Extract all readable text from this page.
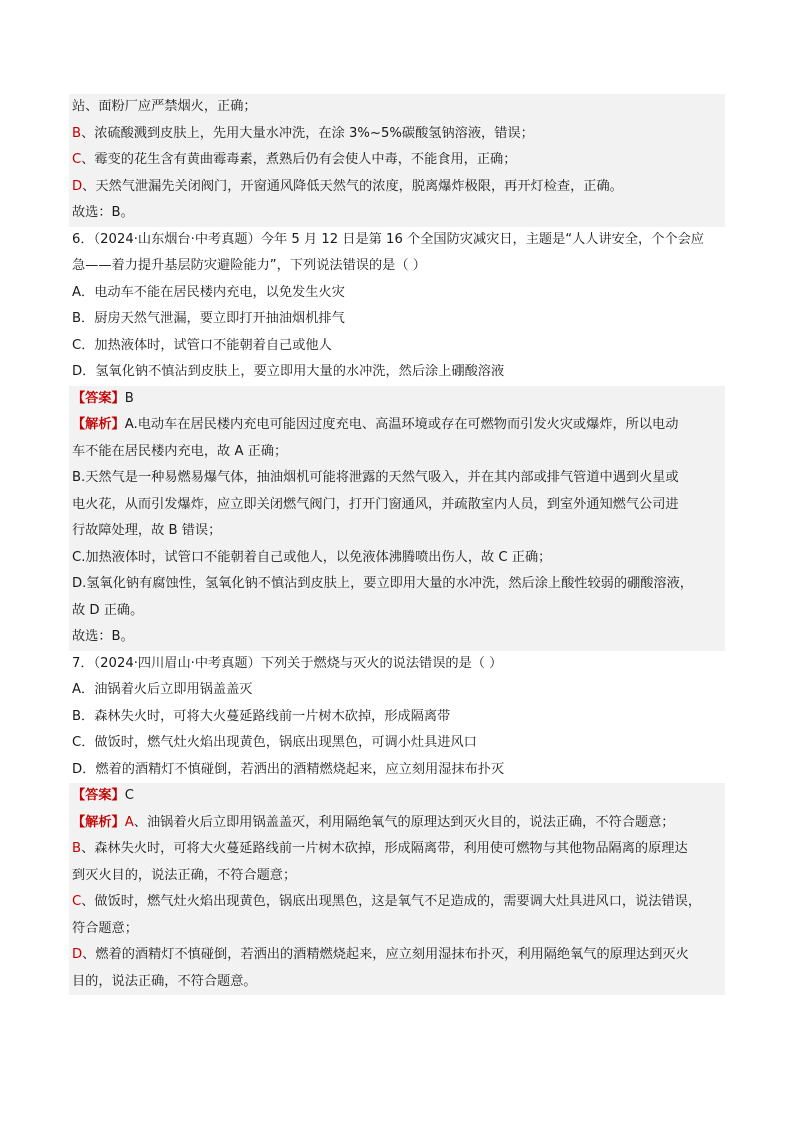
站、面粉厂应严禁烟火，正确；
B、浓硫酸溅到皮肤上，先用大量水冲洗，在涂 3%~5%碳酸氢钠溶液，错误；
C、霉变的花生含有黄曲霉毒素，煮熟后仍有会使人中毒，不能食用，正确；
D、天然气泄漏先关闭阀门，开窗通风降低天然气的浓度，脱离爆炸极限，再开灯检查，正确。
故选：B。
6．（2024·山东烟台·中考真题）今年 5 月 12 日是第 16 个全国防灾减灾日，主题是“人人讲安全，个个会应
急——着力提升基层防灾避险能力”，下列说法错误的是（ ）
A．电动车不能在居民楼内充电，以免发生火灾
B．厨房天然气泄漏，要立即打开抽油烟机排气
C．加热液体时，试管口不能朝着自己或他人
D．氢氧化钠不慎沾到皮肤上，要立即用大量的水冲洗，然后涂上硼酸溶液
【答案】B
【解析】A.电动车在居民楼内充电可能因过度充电、高温环境或存在可燃物而引发火灾或爆炸，所以电动
车不能在居民楼内充电，故 A 正确；
B.天然气是一种易燃易爆气体，抽油烟机可能将泄露的天然气吸入，并在其内部或排气管道中遇到火星或
电火花，从而引发爆炸，应立即关闭燃气阀门，打开门窗通风，并疏散室内人员，到室外通知燃气公司进
行故障处理，故 B 错误；
C.加热液体时，试管口不能朝着自己或他人，以免液体沸腾喷出伤人，故 C 正确；
D.氢氧化钠有腐蚀性，氢氧化钠不慎沾到皮肤上，要立即用大量的水冲洗，然后涂上酸性较弱的硼酸溶液，
故 D 正确。
故选：B。
7．（2024·四川眉山·中考真题）下列关于燃烧与灭火的说法错误的是（ ）
A．油锅着火后立即用锅盖盖灭
B．森林失火时，可将大火蔓延路线前一片树木砍掉，形成隔离带
C．做饭时，燃气灶火焰出现黄色，锅底出现黑色，可调小灶具进风口
D．燃着的酒精灯不慎碰倒，若洒出的酒精燃烧起来，应立刻用湿抹布扑灭
【答案】C
【解析】A、油锅着火后立即用锅盖盖灭，利用隔绝氧气的原理达到灭火目的，说法正确，不符合题意；
B、森林失火时，可将大火蔓延路线前一片树木砍掉，形成隔离带，利用使可燃物与其他物品隔离的原理达
到灭火目的，说法正确，不符合题意；
C、做饭时，燃气灶火焰出现黄色，锅底出现黑色，这是氧气不足造成的，需要调大灶具进风口，说法错误，
符合题意；
D、燃着的酒精灯不慎碰倒，若洒出的酒精燃烧起来，应立刻用湿抹布扑灭，利用隔绝氧气的原理达到灭火
目的，说法正确，不符合题意。
